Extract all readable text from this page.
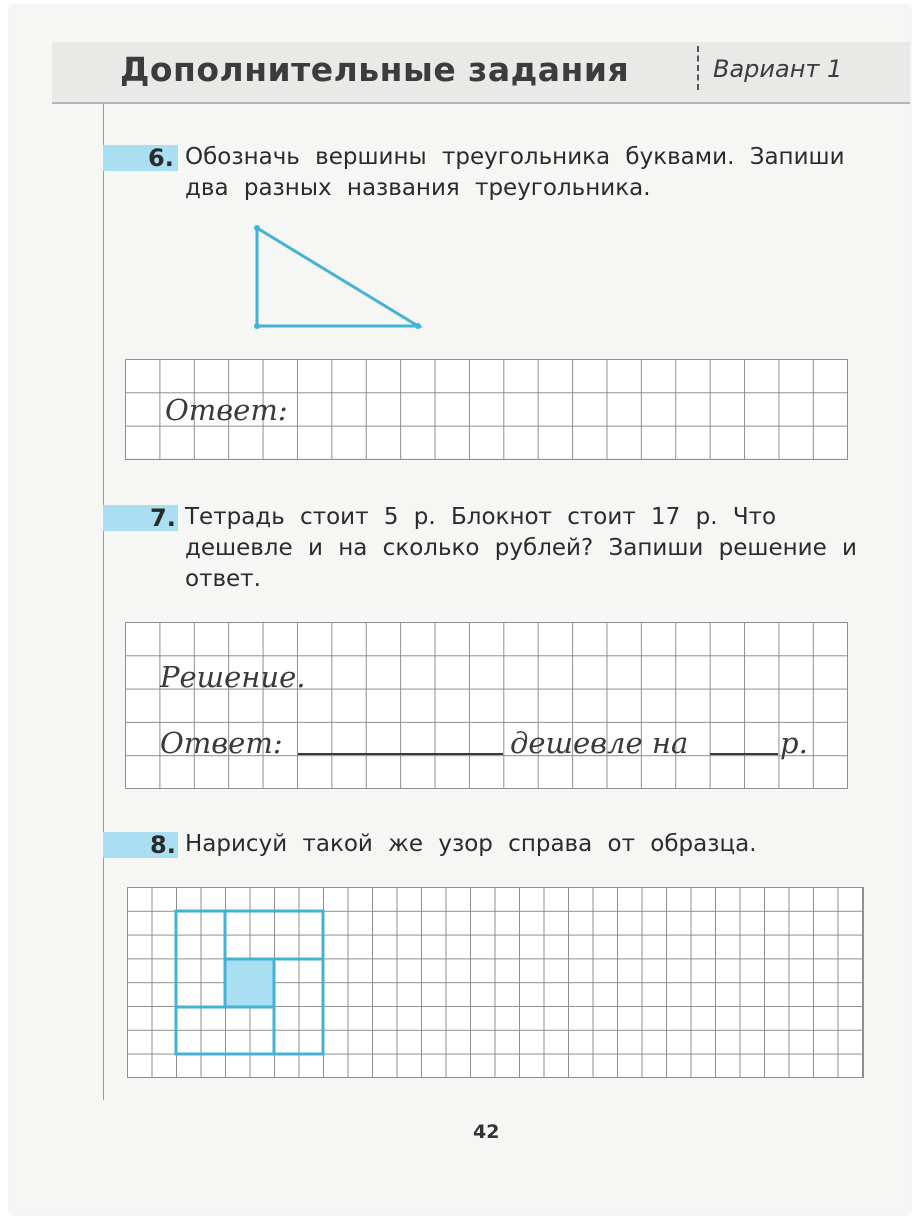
Дополнительные задания	Вариант 1
6. Обозначь вершины треугольника буквами. Запиши два разных названия треугольника.
Ответ:
7. Тетрадь стоит 5 р. Блокнот стоит 17 р. Что дешевле и на сколько рублей? Запиши решение и ответ.
Решение.
Ответ:	дешевле на	р.
8. Нарисуй такой же узор справа от образца.
42
